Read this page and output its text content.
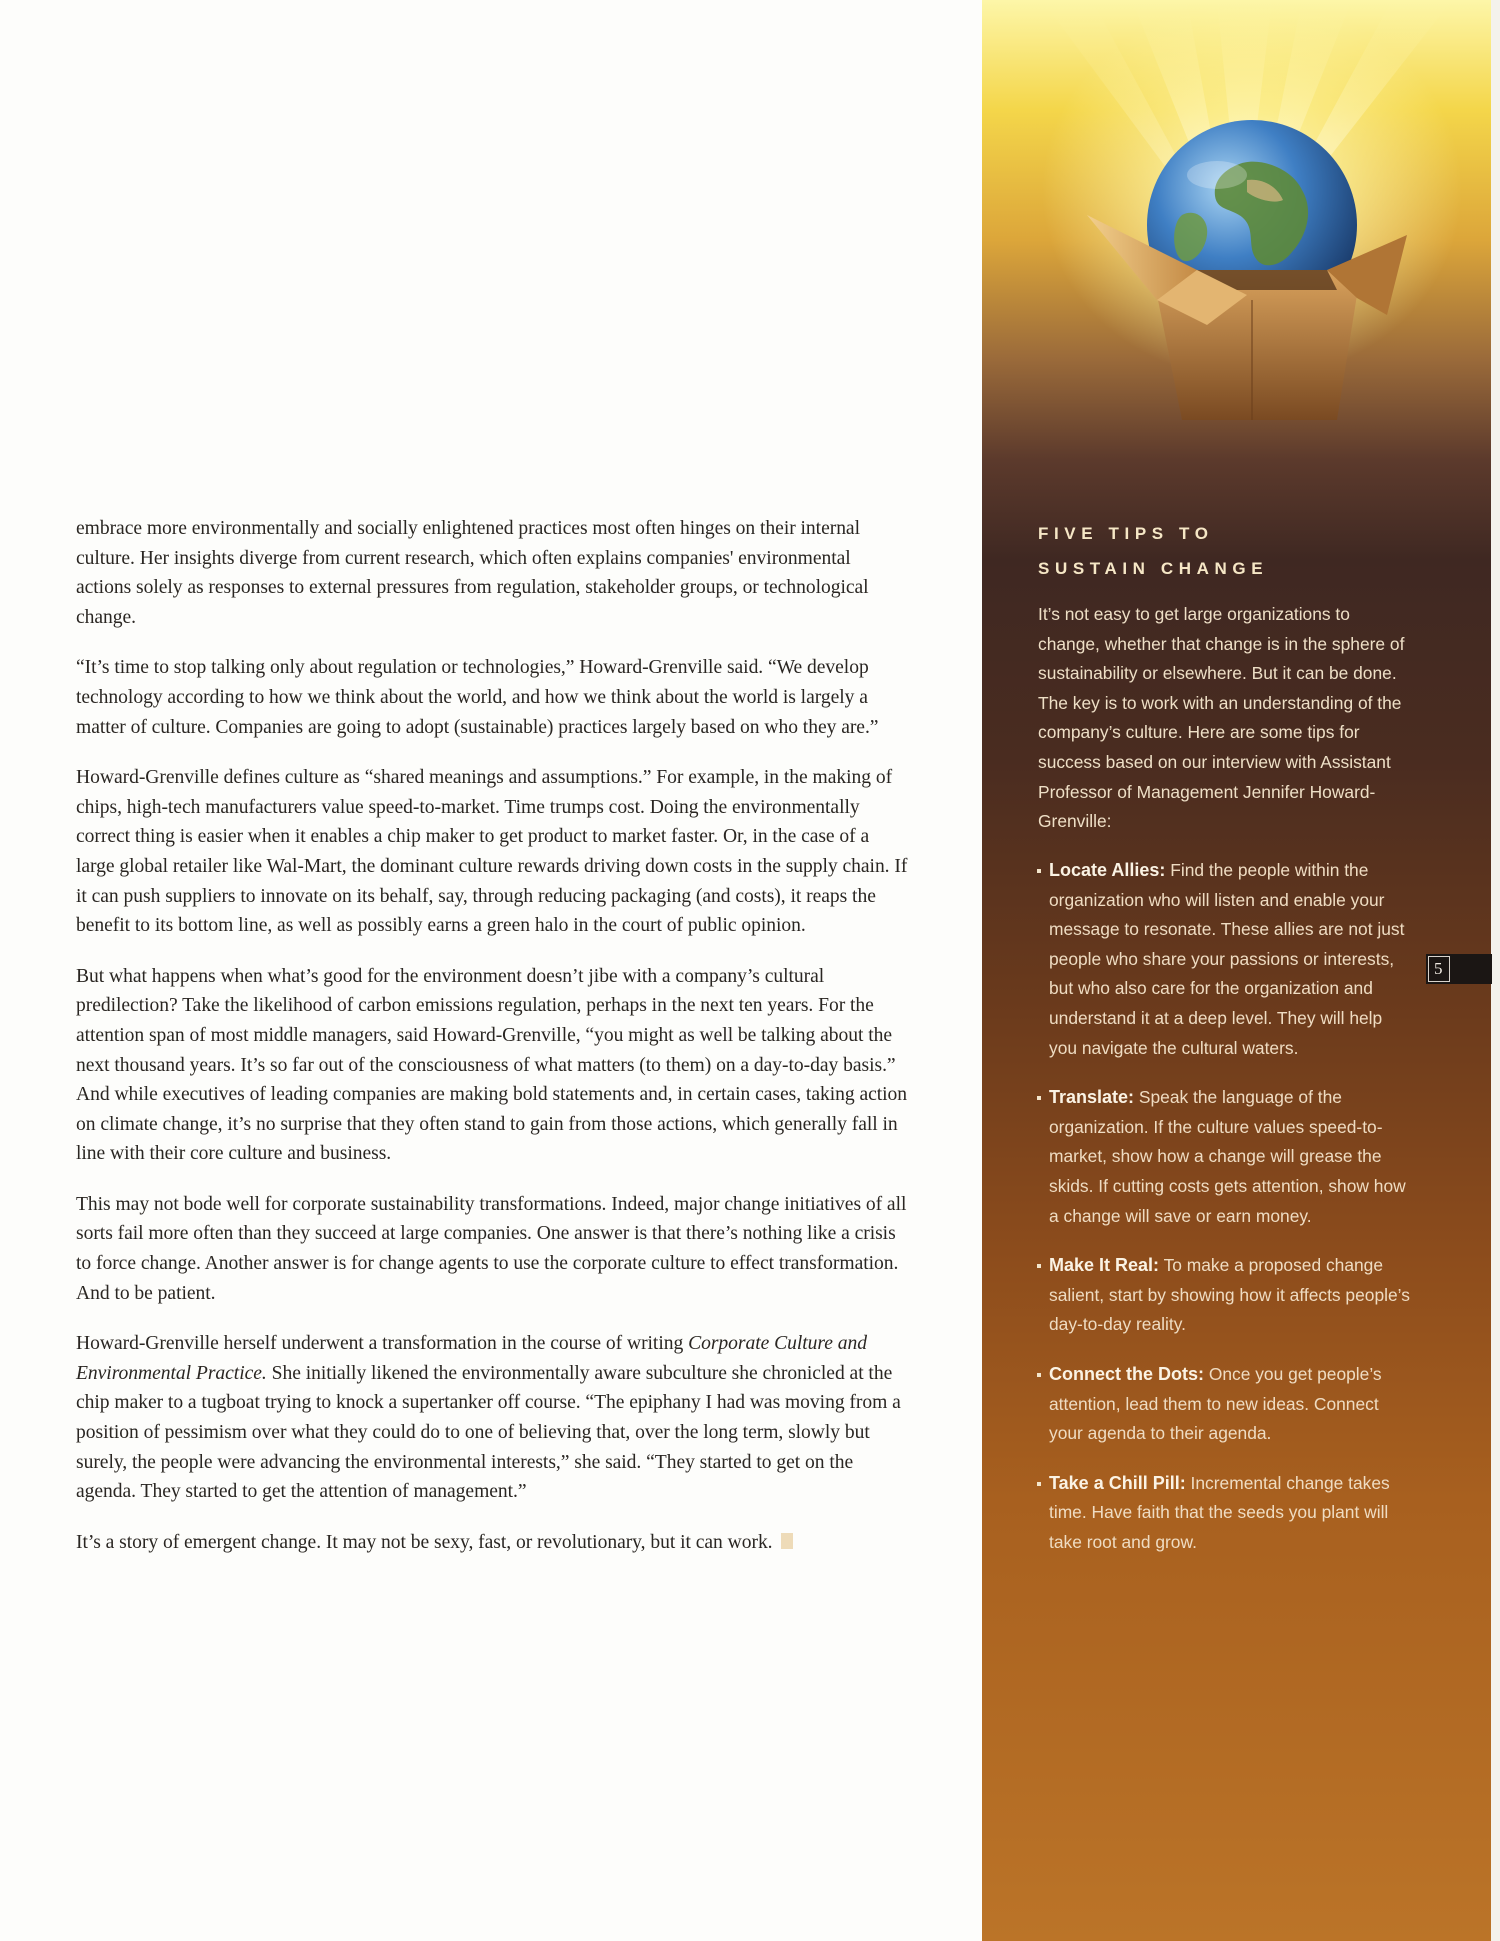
embrace more environmentally and socially enlightened practices most often hinges on their internal culture. Her insights diverge from current research, which often explains companies' environmental actions solely as responses to external pressures from regulation, stakeholder groups, or technological change.

“It’s time to stop talking only about regulation or technologies,” Howard-Grenville said. “We develop technology according to how we think about the world, and how we think about the world is largely a matter of culture. Companies are going to adopt (sustainable) practices largely based on who they are.”

Howard-Grenville defines culture as “shared meanings and assumptions.” For example, in the making of chips, high-tech manufacturers value speed-to-market. Time trumps cost. Doing the environmentally correct thing is easier when it enables a chip maker to get product to market faster. Or, in the case of a large global retailer like Wal-Mart, the dominant culture rewards driving down costs in the supply chain. If it can push suppliers to innovate on its behalf, say, through reducing packaging (and costs), it reaps the benefit to its bottom line, as well as possibly earns a green halo in the court of public opinion.

But what happens when what’s good for the environment doesn’t jibe with a company’s cultural predilection? Take the likelihood of carbon emissions regulation, perhaps in the next ten years. For the attention span of most middle managers, said Howard-Grenville, “you might as well be talking about the next thousand years. It’s so far out of the consciousness of what matters (to them) on a day-to-day basis.” And while executives of leading companies are making bold statements and, in certain cases, taking action on climate change, it’s no surprise that they often stand to gain from those actions, which generally fall in line with their core culture and business.

This may not bode well for corporate sustainability transformations. Indeed, major change initiatives of all sorts fail more often than they succeed at large companies. One answer is that there’s nothing like a crisis to force change. Another answer is for change agents to use the corporate culture to effect transformation. And to be patient.

Howard-Grenville herself underwent a transformation in the course of writing Corporate Culture and Environmental Practice. She initially likened the environmentally aware subculture she chronicled at the chip maker to a tugboat trying to knock a supertanker off course. “The epiphany I had was moving from a position of pessimism over what they could do to one of believing that, over the long term, slowly but surely, the people were advancing the environmental interests,” she said. “They started to get on the agenda. They started to get the attention of management.”

It’s a story of emergent change. It may not be sexy, fast, or revolutionary, but it can work.

FIVE TIPS TO
SUSTAIN CHANGE

It’s not easy to get large organizations to change, whether that change is in the sphere of sustainability or elsewhere. But it can be done. The key is to work with an understanding of the company’s culture. Here are some tips for success based on our interview with Assistant Professor of Management Jennifer Howard-Grenville:

Locate Allies: Find the people within the organization who will listen and enable your message to resonate. These allies are not just people who share your passions or interests, but who also care for the organization and understand it at a deep level. They will help you navigate the cultural waters.
Translate: Speak the language of the organization. If the culture values speed-to-market, show how a change will grease the skids. If cutting costs gets attention, show how a change will save or earn money.
Make It Real: To make a proposed change salient, start by showing how it affects people’s day-to-day reality.
Connect the Dots: Once you get people’s attention, lead them to new ideas. Connect your agenda to their agenda.
Take a Chill Pill: Incremental change takes time. Have faith that the seeds you plant will take root and grow.
5
